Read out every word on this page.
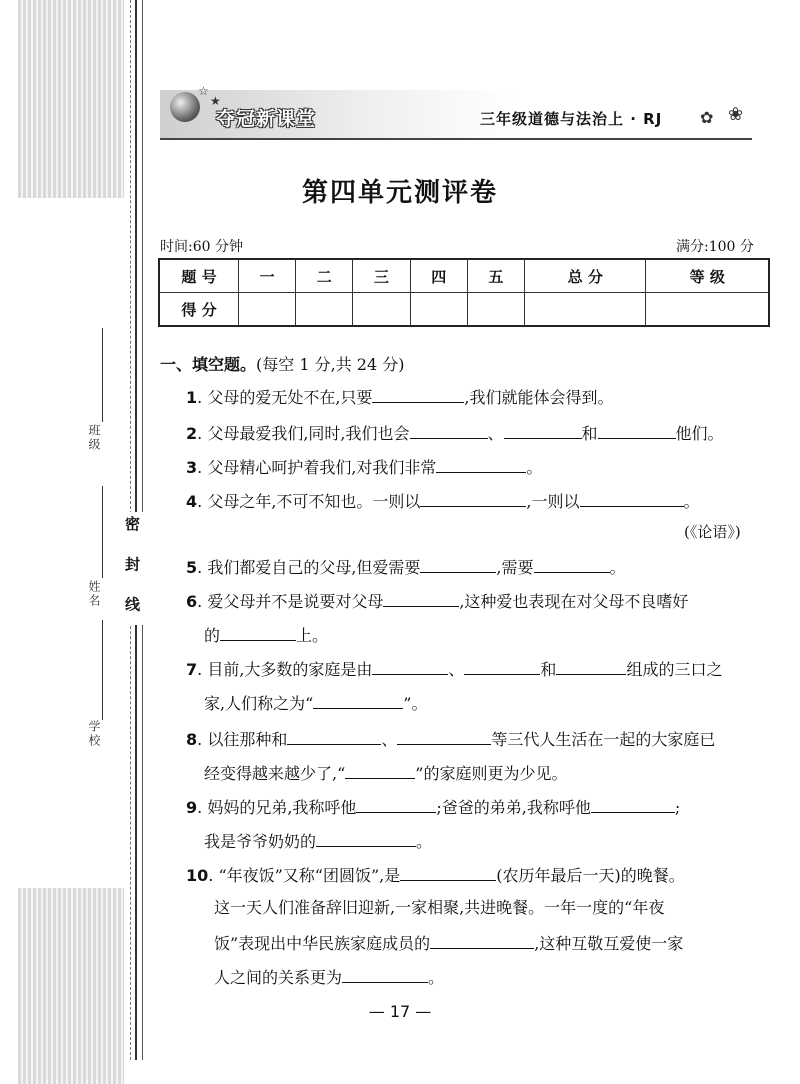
班级
姓名
学校
密 封 线
☆
★
夺冠新课堂	三年级道德与法治上 · RJ ✿ ❀
第四单元测评卷
时间:60 分钟	满分:100 分
题 号	一	二	三	四	五	总 分	等 级
得 分							
一、填空题。(每空 1 分,共 24 分)
1. 父母的爱无处不在,只要	,我们就能体会得到。
2. 父母最爱我们,同时,我们也会	、	和	他们。
3. 父母精心呵护着我们,对我们非常	。
4. 父母之年,不可不知也。一则以	,一则以	。
(《论语》)
5. 我们都爱自己的父母,但爱需要	,需要	。
6. 爱父母并不是说要对父母	,这种爱也表现在对父母不良嗜好
的	上。
7. 目前,大多数的家庭是由	、	和	组成的三口之
家,人们称之为“	”。
8. 以往那种和	、	等三代人生活在一起的大家庭已
经变得越来越少了,“	”的家庭则更为少见。
9. 妈妈的兄弟,我称呼他	;爸爸的弟弟,我称呼他	;
我是爷爷奶奶的	。
10. “年夜饭”又称“团圆饭”,是	(农历年最后一天)的晚餐。
这一天人们准备辞旧迎新,一家相聚,共进晚餐。一年一度的“年夜
饭”表现出中华民族家庭成员的	,这种互敬互爱使一家
人之间的关系更为	。
— 17 —
